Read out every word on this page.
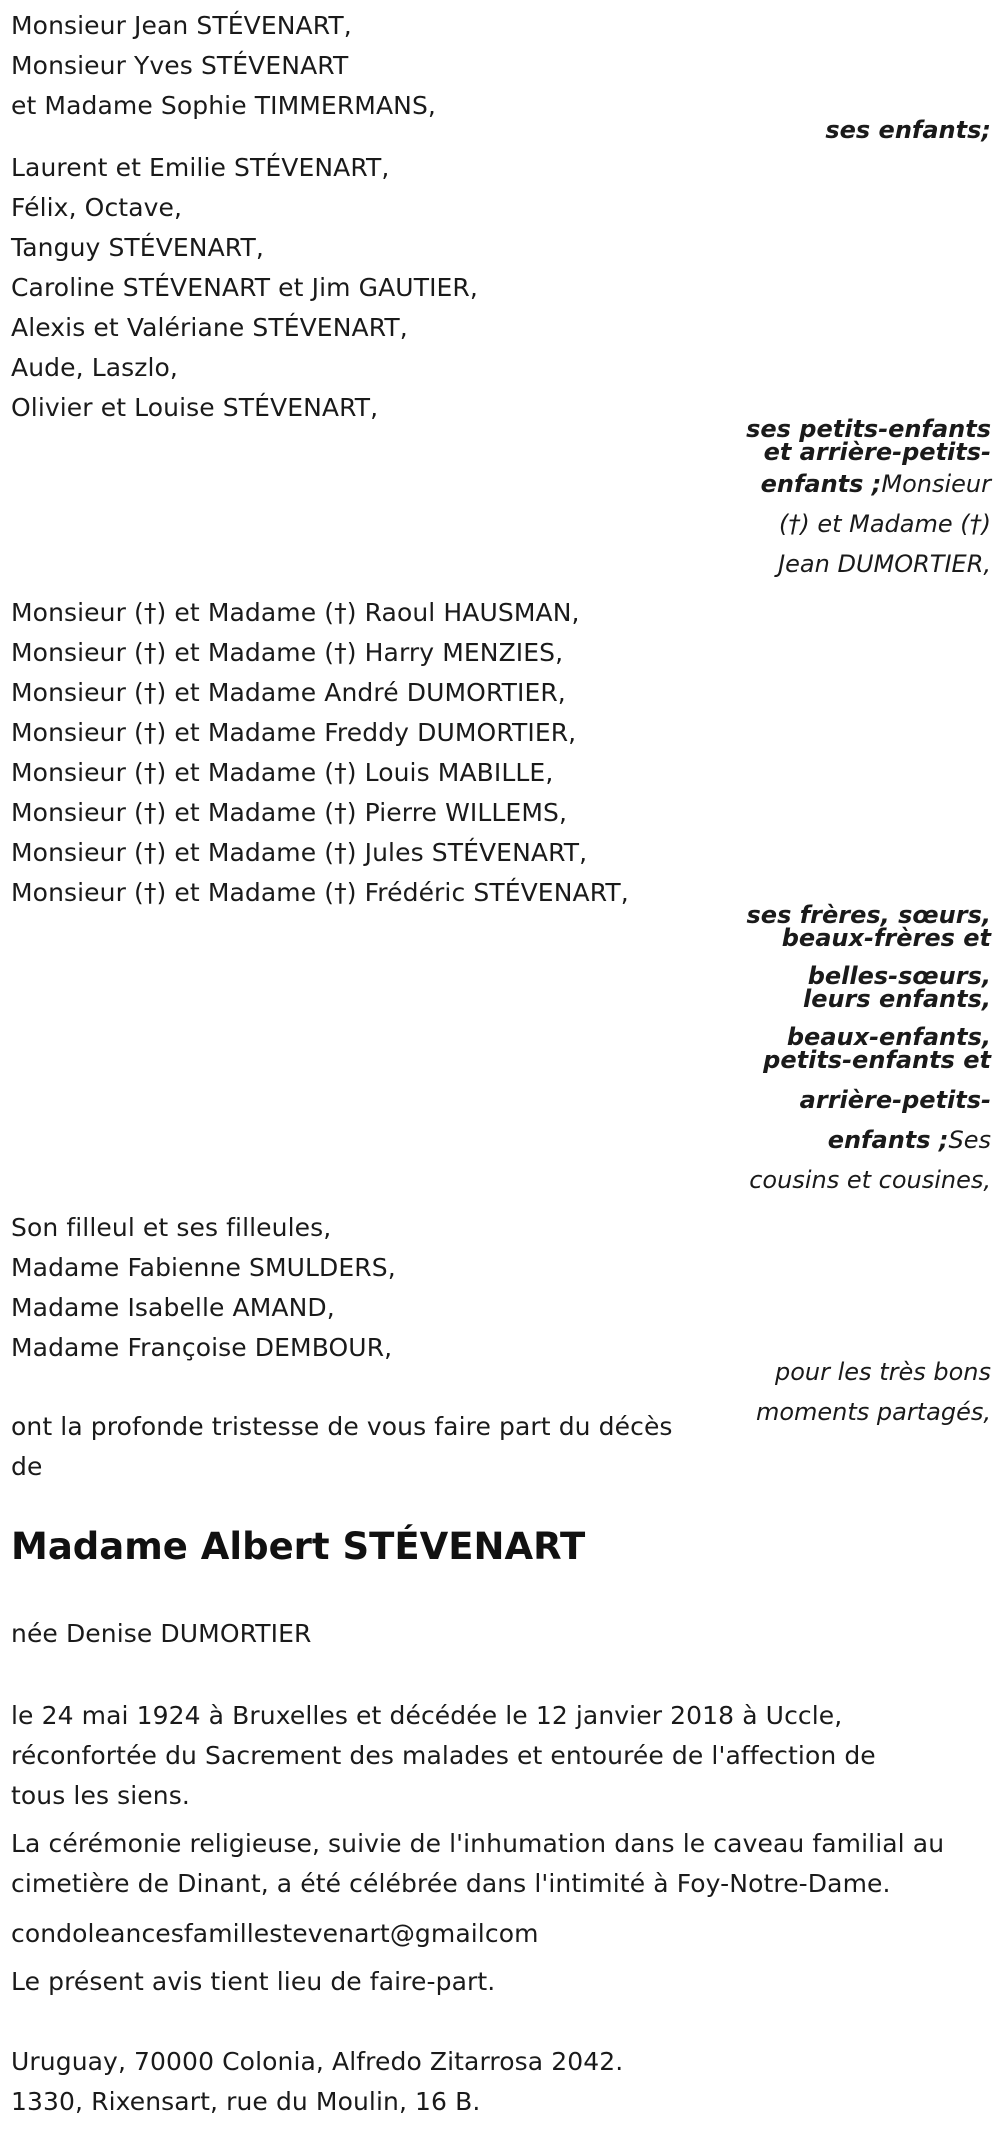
Monsieur Jean STÉVENART,
Monsieur Yves STÉVENART
et Madame Sophie TIMMERMANS,
ses enfants;
Laurent et Emilie STÉVENART,
Félix, Octave,
Tanguy STÉVENART,
Caroline STÉVENART et Jim GAUTIER,
Alexis et Valériane STÉVENART,
Aude, Laszlo,
Olivier et Louise STÉVENART,
ses petits-enfants
et arrière-petits-
enfants ;Monsieur
(†) et Madame (†)
Jean DUMORTIER,
Monsieur (†) et Madame (†) Raoul HAUSMAN,
Monsieur (†) et Madame (†) Harry MENZIES,
Monsieur (†) et Madame André DUMORTIER,
Monsieur (†) et Madame Freddy DUMORTIER,
Monsieur (†) et Madame (†) Louis MABILLE,
Monsieur (†) et Madame (†) Pierre WILLEMS,
Monsieur (†) et Madame (†) Jules STÉVENART,
Monsieur (†) et Madame (†) Frédéric STÉVENART,
ses frères, sœurs,
beaux-frères et
belles-sœurs,
leurs enfants,
beaux-enfants,
petits-enfants et
arrière-petits-
enfants ;Ses
cousins et cousines,
Son filleul et ses filleules,
Madame Fabienne SMULDERS,
Madame Isabelle AMAND,
Madame Françoise DEMBOUR,
pour les très bons
moments partagés,
ont la profonde tristesse de vous faire part du décès
de
Madame Albert STÉVENART
née Denise DUMORTIER
le 24 mai 1924 à Bruxelles et décédée le 12 janvier 2018 à Uccle,
réconfortée du Sacrement des malades et entourée de l'affection de
tous les siens.
La cérémonie religieuse, suivie de l'inhumation dans le caveau familial au
cimetière de Dinant, a été célébrée dans l'intimité à Foy-Notre-Dame.
condoleancesfamillestevenart@gmailcom
Le présent avis tient lieu de faire-part.
Uruguay, 70000 Colonia, Alfredo Zitarrosa 2042.
1330, Rixensart, rue du Moulin, 16 B.
